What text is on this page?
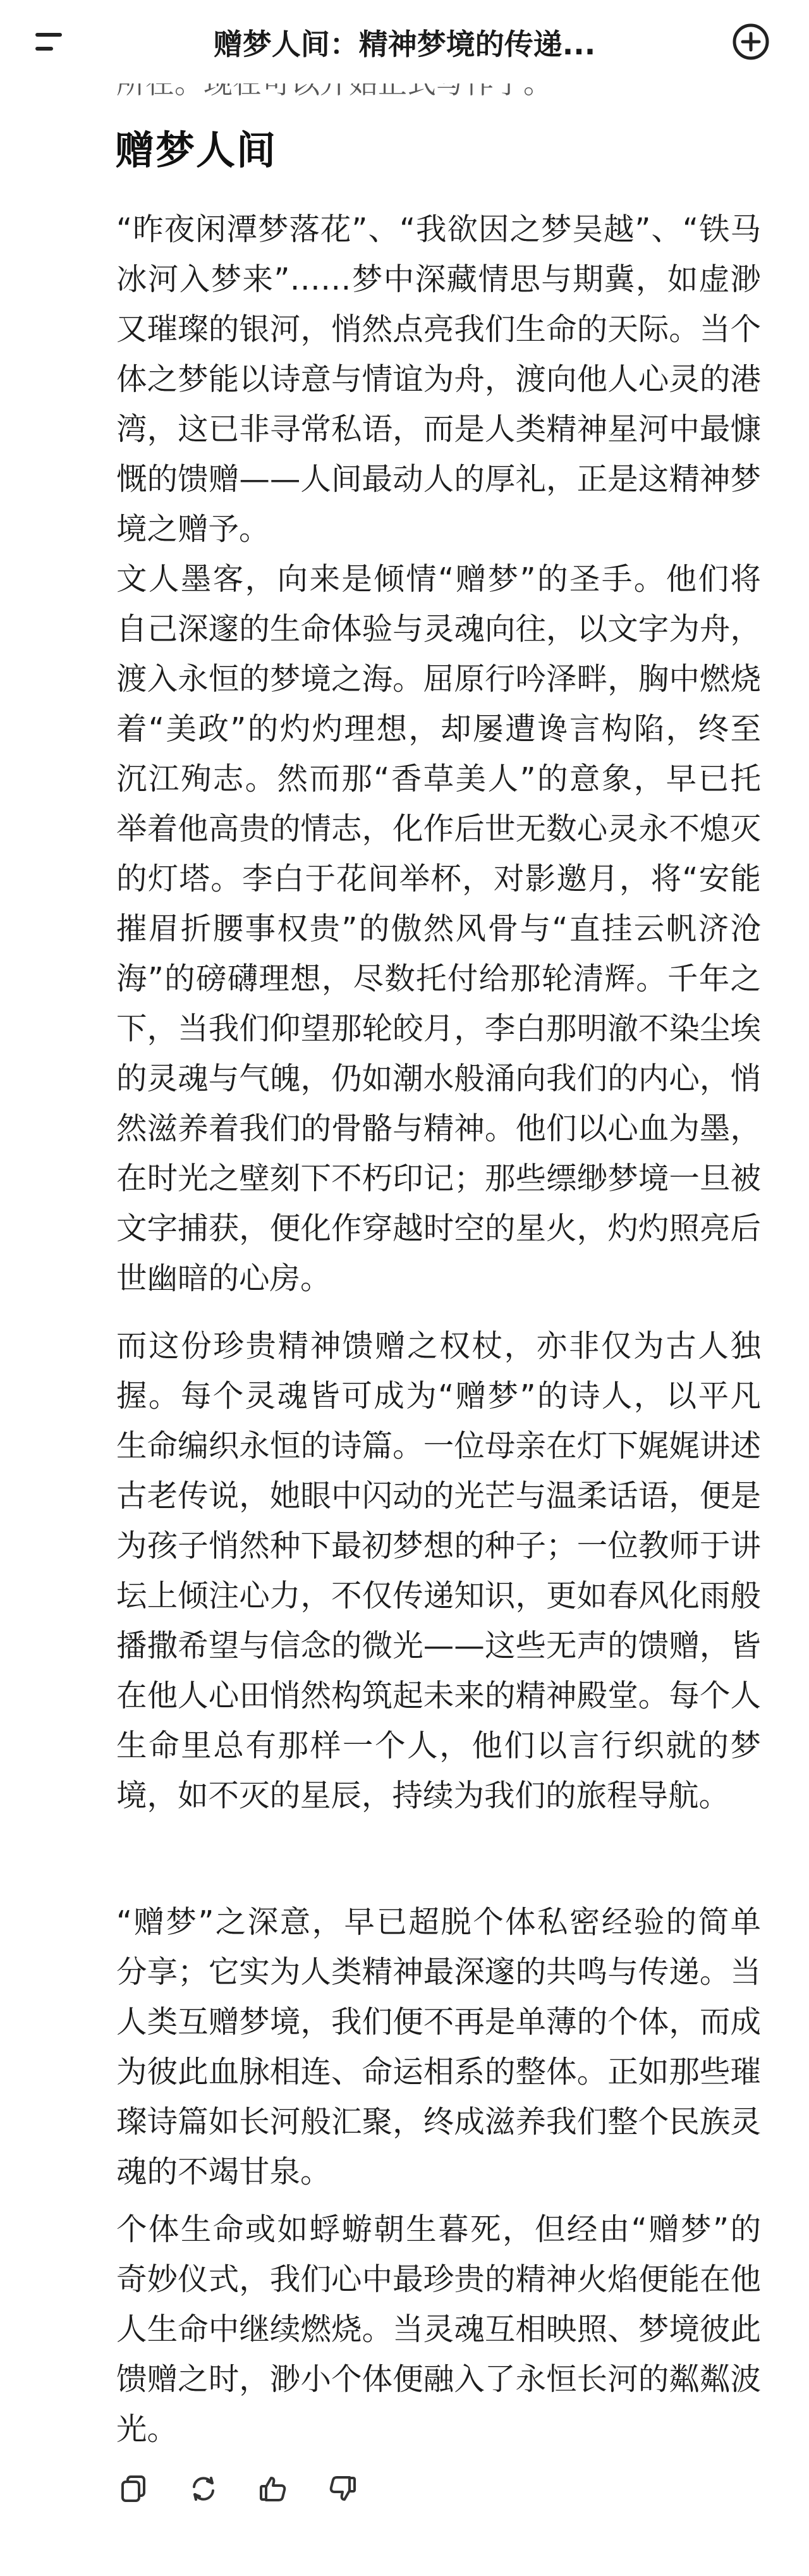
赠梦人间：精神梦境的传递...
赠梦人间
“昨夜闲潭梦落花”、“我欲因之梦吴越”、“铁马冰河入梦来”……梦中深藏情思与期冀，如虚渺又璀璨的银河，悄然点亮我们生命的天际。当个体之梦能以诗意与情谊为舟，渡向他人心灵的港湾，这已非寻常私语，而是人类精神星河中最慷慨的馈赠——人间最动人的厚礼，正是这精神梦境之赠予。
文人墨客，向来是倾情“赠梦”的圣手。他们将自己深邃的生命体验与灵魂向往，以文字为舟，渡入永恒的梦境之海。屈原行吟泽畔，胸中燃烧着“美政”的灼灼理想，却屡遭谗言构陷，终至沉江殉志。然而那“香草美人”的意象，早已托举着他高贵的情志，化作后世无数心灵永不熄灭的灯塔。李白于花间举杯，对影邀月，将“安能摧眉折腰事权贵”的傲然风骨与“直挂云帆济沧海”的磅礴理想，尽数托付给那轮清辉。千年之下，当我们仰望那轮皎月，李白那明澈不染尘埃的灵魂与气魄，仍如潮水般涌向我们的内心，悄然滋养着我们的骨骼与精神。他们以心血为墨，在时光之壁刻下不朽印记；那些缥缈梦境一旦被文字捕获，便化作穿越时空的星火，灼灼照亮后世幽暗的心房。
而这份珍贵精神馈赠之权杖，亦非仅为古人独握。每个灵魂皆可成为“赠梦”的诗人，以平凡生命编织永恒的诗篇。一位母亲在灯下娓娓讲述古老传说，她眼中闪动的光芒与温柔话语，便是为孩子悄然种下最初梦想的种子；一位教师于讲坛上倾注心力，不仅传递知识，更如春风化雨般播撒希望与信念的微光——这些无声的馈赠，皆在他人心田悄然构筑起未来的精神殿堂。每个人生命里总有那样一个人，他们以言行织就的梦境，如不灭的星辰，持续为我们的旅程导航。
“赠梦”之深意，早已超脱个体私密经验的简单分享；它实为人类精神最深邃的共鸣与传递。当人类互赠梦境，我们便不再是单薄的个体，而成为彼此血脉相连、命运相系的整体。正如那些璀璨诗篇如长河般汇聚，终成滋养我们整个民族灵魂的不竭甘泉。
个体生命或如蜉蝣朝生暮死，但经由“赠梦”的奇妙仪式，我们心中最珍贵的精神火焰便能在他人生命中继续燃烧。当灵魂互相映照、梦境彼此馈赠之时，渺小个体便融入了永恒长河的粼粼波光。
